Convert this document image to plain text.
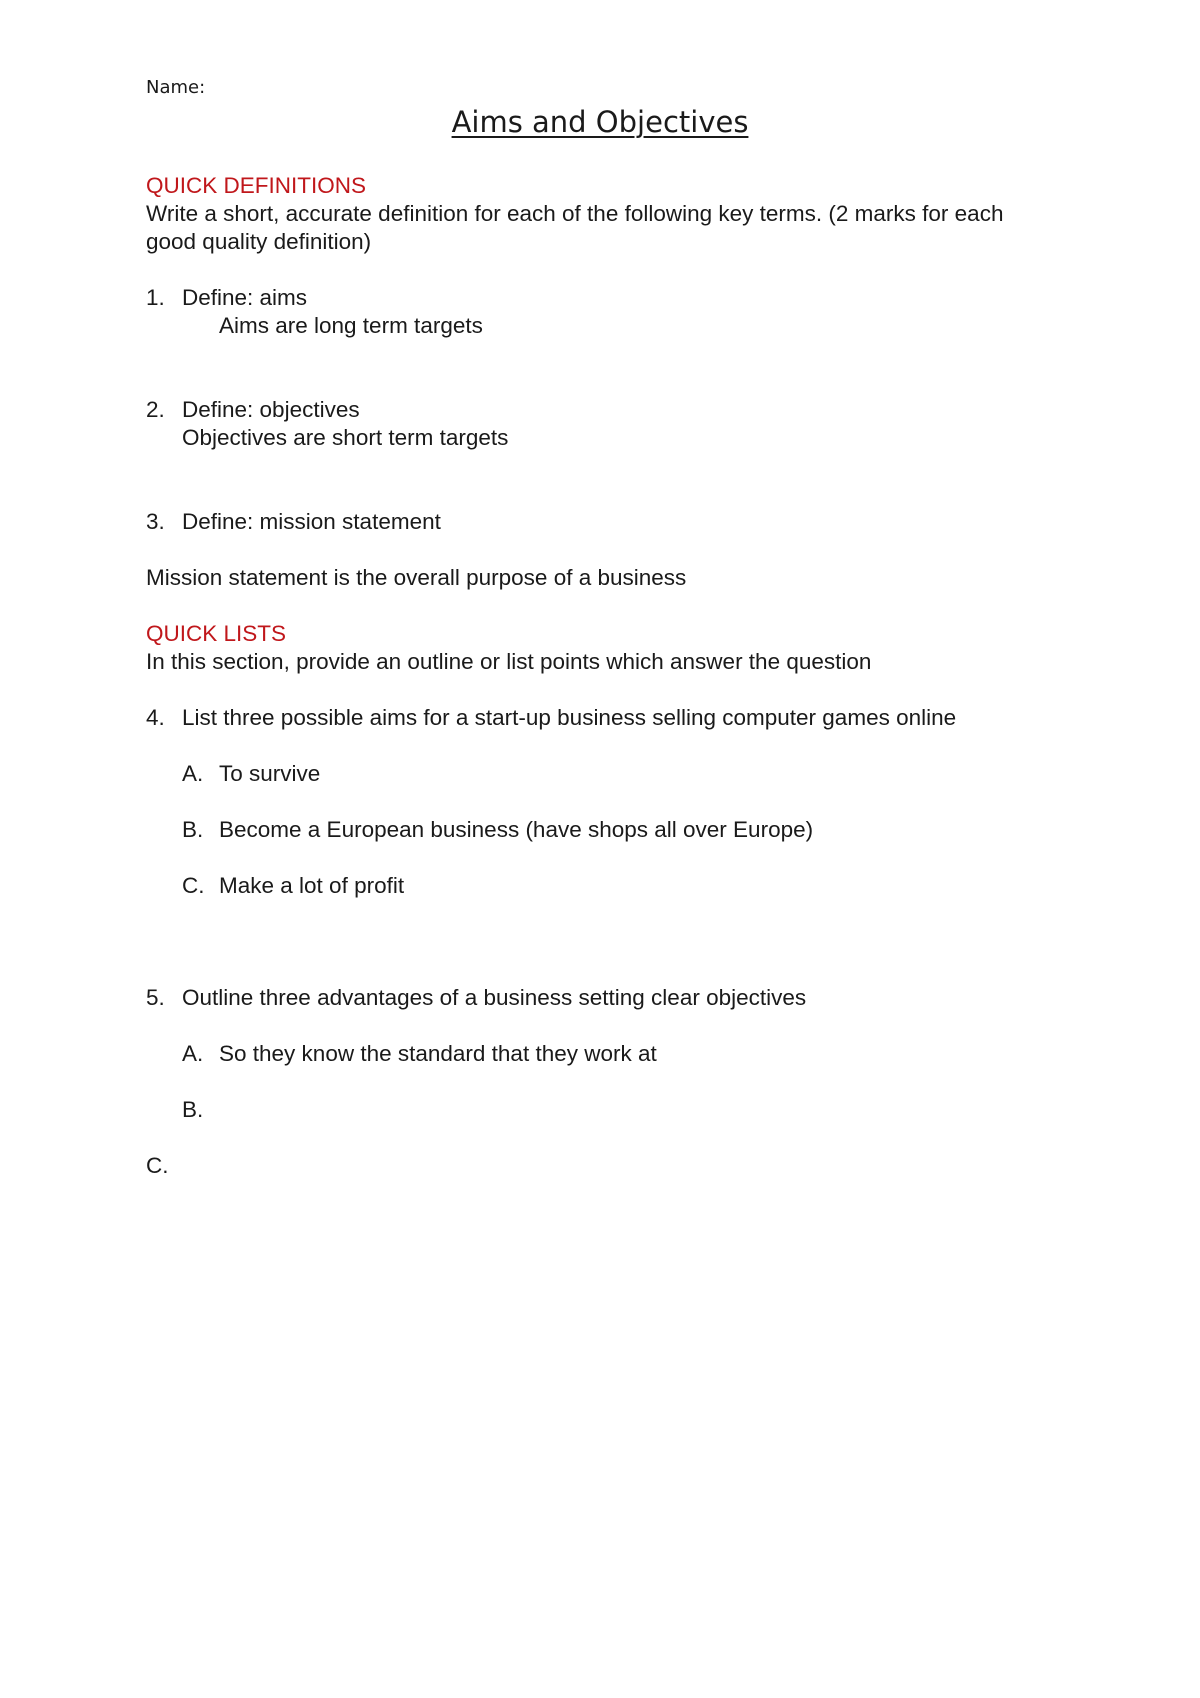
Name:
Aims and Objectives
QUICK DEFINITIONS
Write a short, accurate definition for each of the following key terms. (2 marks for each good quality definition)
1. Define: aims
Aims are long term targets
2. Define: objectives
Objectives are short term targets
3. Define: mission statement
Mission statement is the overall purpose of a business
QUICK LISTS
In this section, provide an outline or list points which answer the question
4. List three possible aims for a start-up business selling computer games online
A. To survive
B. Become a European business (have shops all over Europe)
C. Make a lot of profit
5. Outline three advantages of a business setting clear objectives
A. So they know the standard that they work at
B.
C.
